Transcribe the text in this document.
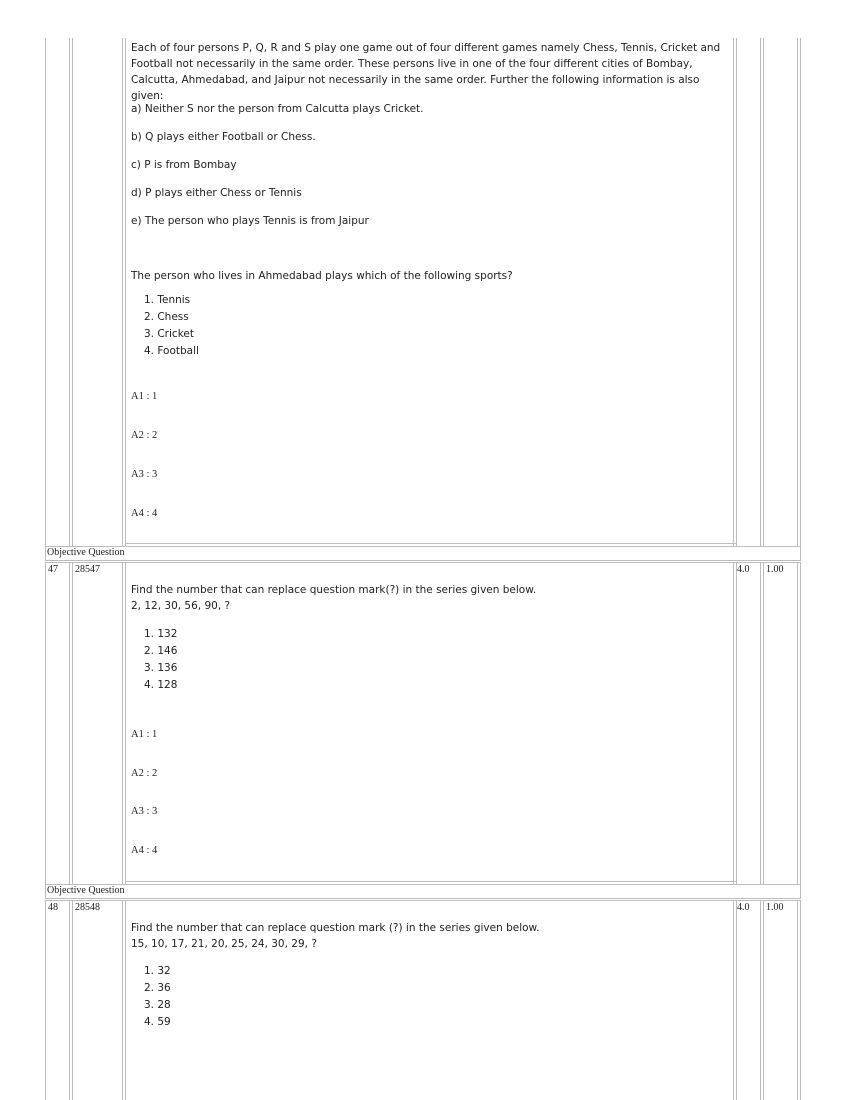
Each of four persons P, Q, R and S play one game out of four different games namely Chess, Tennis, Cricket and Football not necessarily in the same order. These persons live in one of the four different cities of Bombay, Calcutta, Ahmedabad, and Jaipur not necessarily in the same order. Further the following information is also given:
a) Neither S nor the person from Calcutta plays Cricket.
b) Q plays either Football or Chess.
c) P is from Bombay
d) P plays either Chess or Tennis
e) The person who plays Tennis is from Jaipur
The person who lives in Ahmedabad plays which of the following sports?
1. Tennis
2. Chess
3. Cricket
4. Football
A1 : 1
A2 : 2
A3 : 3
A4 : 4
Objective Question
47 28547	4.0 1.00
Find the number that can replace question mark(?) in the series given below.
2, 12, 30, 56, 90, ?
1. 132
2. 146
3. 136
4. 128
A1 : 1
A2 : 2
A3 : 3
A4 : 4
Objective Question
48 28548	4.0 1.00
Find the number that can replace question mark (?) in the series given below.
15, 10, 17, 21, 20, 25, 24, 30, 29, ?
1. 32
2. 36
3. 28
4. 59
